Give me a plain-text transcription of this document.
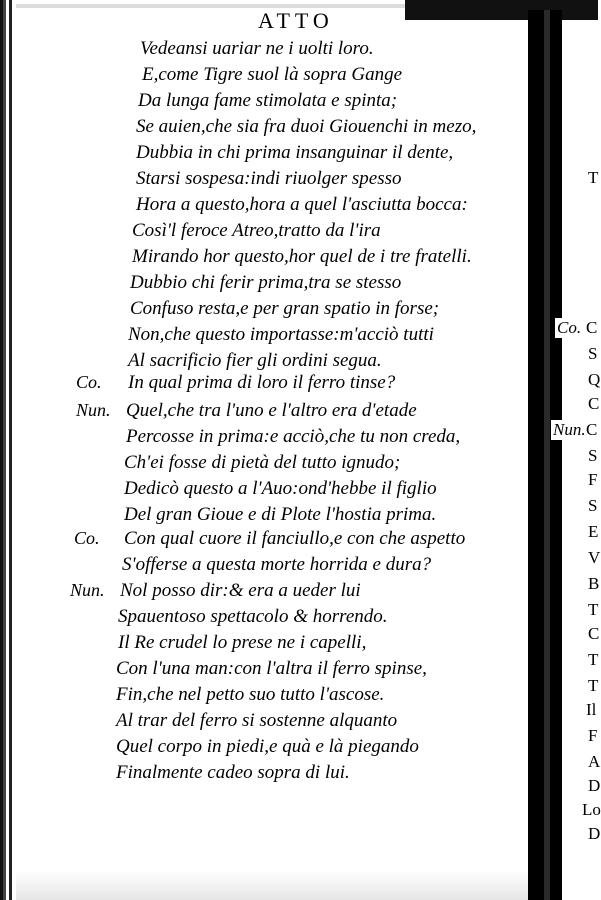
ATTO
Vedeansi uariar ne i uolti loro.
E,come Tigre suol là sopra Gange
Da lunga fame stimolata e spinta;
Se auien,che sia fra duoi Giouenchi in mezo,
Dubbia in chi prima insanguinar il dente,
Starsi sospesa:indi riuolger spesso
Hora a questo,hora a quel l'asciutta bocca:
Così'l feroce Atreo,tratto da l'ira
Mirando hor questo,hor quel de i tre fratelli.
Dubbio chi ferir prima,tra se stesso
Confuso resta,e per gran spatio in forse;
Non,che questo importasse:m'acciò tutti
Al sacrificio fier gli ordini segua.
Co. In qual prima di loro il ferro tinse?
Nun. Quel,che tra l'uno e l'altro era d'etade
Percosse in prima:e acciò,che tu non creda,
Ch'ei fosse di pietà del tutto ignudo;
Dedicò questo a l'Auo:ond'hebbe il figlio
Del gran Gioue e di Plote l'hostia prima.
Co. Con qual cuore il fanciullo,e con che aspetto
S'offerse a questa morte horrida e dura?
Nun. Nol posso dir:& era a ueder lui
Spauentoso spettacolo & horrendo.
Il Re crudel lo prese ne i capelli,
Con l'una man:con l'altra il ferro spinse,
Fin,che nel petto suo tutto l'ascose.
Al trar del ferro si sostenne alquanto
Quel corpo in piedi,e quà e là piegando
Finalmente cadeo sopra di lui.
Co. C
Nun. C
T
S
Q
C
S
F
S
E
V
B
T
C
T
T
Il
F
A
D
Lo
D
